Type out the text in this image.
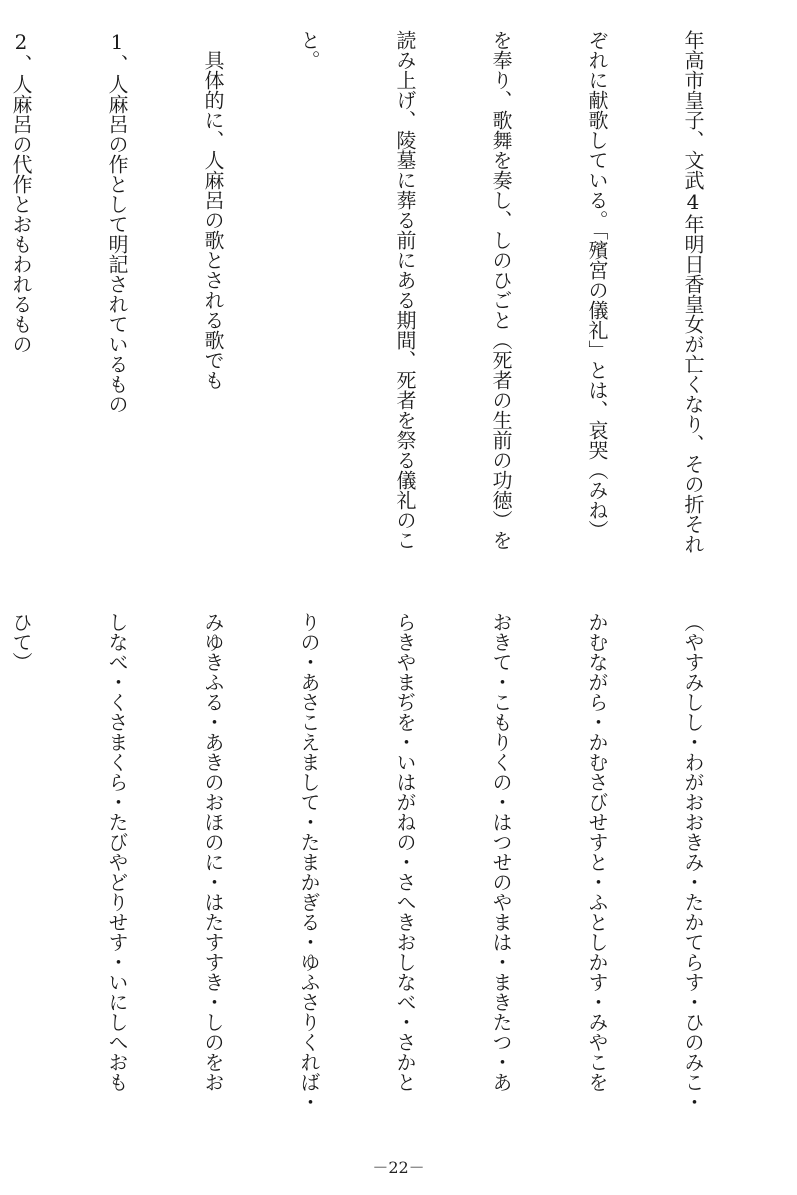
年高市皇子、文武4年明日香皇女が亡くなり、その折それ

ぞれに献歌している。「殯宮の儀礼」とは、哀哭（みね）

を奉り、歌舞を奏し、しのひごと（死者の生前の功徳）を

読み上げ、陵墓に葬る前にある期間、死者を祭る儀礼のこ

と。

　具体的に、人麻呂の歌とされる歌でも

1、人麻呂の作として明記されているもの

2、人麻呂の代作とおもわれるもの

（やすみしし・わがおおきみ・たかてらす・ひのみこ・

かむながら・かむさびせすと・ふとしかす・みやこを

おきて・こもりくの・はつせのやまは・まきたつ・あ

らきやまぢを・いはがねの・さへきおしなべ・さかと

りの・あさこえまして・たまかぎる・ゆふさりくれば・

みゆきふる・あきのおほのに・はたすすき・しのをお

しなべ・くさまくら・たびやどりせす・いにしへおも

ひて）

－22－
